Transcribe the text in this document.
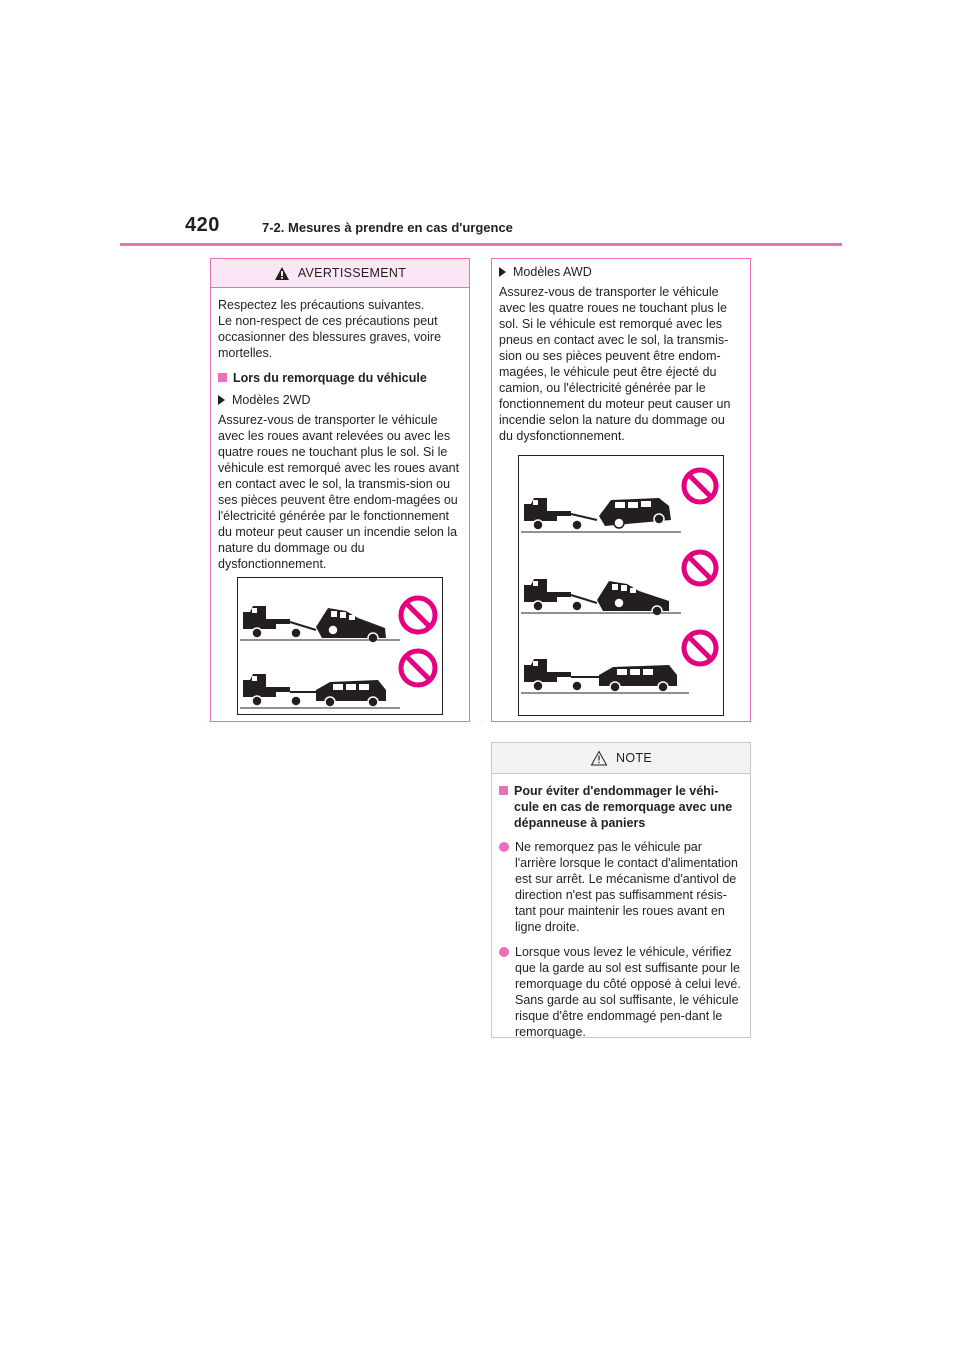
420	7-2. Mesures à prendre en cas d'urgence
AVERTISSEMENT

Respectez les précautions suivantes.
Le non-respect de ces précautions peut occasionner des blessures graves, voire mortelles.

Lors du remorquage du véhicule
Modèles 2WD

Assurez-vous de transporter le véhicule avec les roues avant relevées ou avec les quatre roues ne touchant plus le sol. Si le véhicule est remorqué avec les roues avant en contact avec le sol, la transmis-sion ou ses pièces peuvent être endom-magées ou l'électricité générée par le fonctionnement du moteur peut causer un incendie selon la nature du dommage ou du dysfonctionnement.

Modèles AWD

Assurez-vous de transporter le véhicule avec les quatre roues ne touchant plus le sol. Si le véhicule est remorqué avec les pneus en contact avec le sol, la transmis-sion ou ses pièces peuvent être endom-magées, le véhicule peut être éjecté du camion, ou l'électricité générée par le fonctionnement du moteur peut causer un incendie selon la nature du dommage ou du dysfonctionnement.

NOTE
Pour éviter d'endommager le véhi-cule en cas de remorquage avec une dépanneuse à paniers
Ne remorquez pas le véhicule par l'arrière lorsque le contact d'alimentation est sur arrêt. Le mécanisme d'antivol de direction n'est pas suffisamment résis-tant pour maintenir les roues avant en ligne droite.
Lorsque vous levez le véhicule, vérifiez que la garde au sol est suffisante pour le remorquage du côté opposé à celui levé. Sans garde au sol suffisante, le véhicule risque d'être endommagé pen-dant le remorquage.
